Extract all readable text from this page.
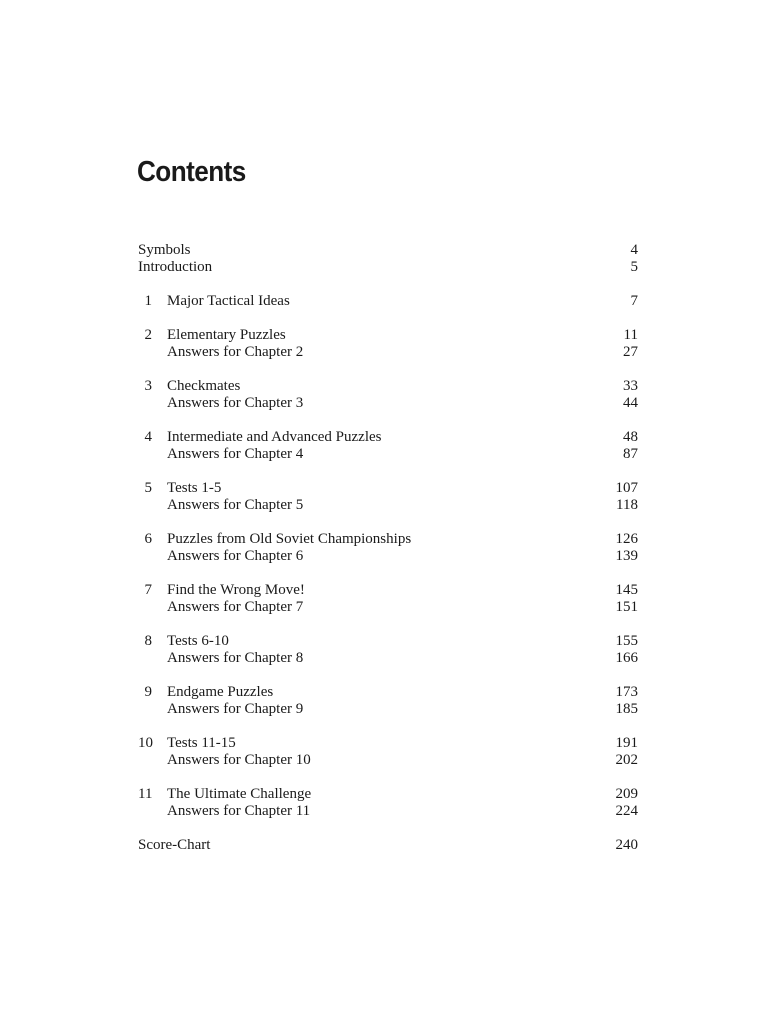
Contents
Symbols	4
Introduction	5
1	Major Tactical Ideas	7
2	Elementary Puzzles	11
Answers for Chapter 2	27
3	Checkmates	33
Answers for Chapter 3	44
4	Intermediate and Advanced Puzzles	48
Answers for Chapter 4	87
5	Tests 1-5	107
Answers for Chapter 5	118
6	Puzzles from Old Soviet Championships	126
Answers for Chapter 6	139
7	Find the Wrong Move!	145
Answers for Chapter 7	151
8	Tests 6-10	155
Answers for Chapter 8	166
9	Endgame Puzzles	173
Answers for Chapter 9	185
10 Tests 11-15	191
Answers for Chapter 10	202
11 The Ultimate Challenge	209
Answers for Chapter 11	224
Score-Chart	240
